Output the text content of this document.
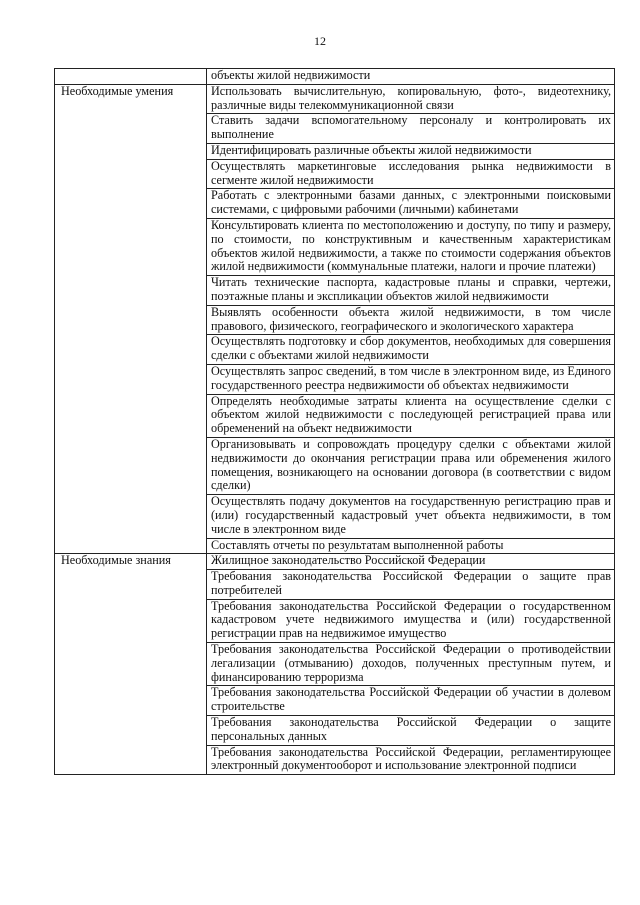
12
	объекты жилой недвижимости
Необходимые умения	Использовать вычислительную, копировальную, фото-, видеотехнику, различные виды телекоммуникационной связи
	Ставить задачи вспомогательному персоналу и контролировать их выполнение
	Идентифицировать различные объекты жилой недвижимости
	Осуществлять маркетинговые исследования рынка недвижимости в сегменте жилой недвижимости
	Работать с электронными базами данных, с электронными поисковыми системами, с цифровыми рабочими (личными) кабинетами
	Консультировать клиента по местоположению и доступу, по типу и размеру, по стоимости, по конструктивным и качественным характеристикам объектов жилой недвижимости, а также по стоимости содержания объектов жилой недвижимости (коммунальные платежи, налоги и прочие платежи)
	Читать технические паспорта, кадастровые планы и справки, чертежи, поэтажные планы и экспликации объектов жилой недвижимости
	Выявлять особенности объекта жилой недвижимости, в том числе правового, физического, географического и экологического характера
	Осуществлять подготовку и сбор документов, необходимых для совершения сделки с объектами жилой недвижимости
	Осуществлять запрос сведений, в том числе в электронном виде, из Единого государственного реестра недвижимости об объектах недвижимости
	Определять необходимые затраты клиента на осуществление сделки с объектом жилой недвижимости с последующей регистрацией права или обременений на объект недвижимости
	Организовывать и сопровождать процедуру сделки с объектами жилой недвижимости до окончания регистрации права или обременения жилого помещения, возникающего на основании договора (в соответствии с видом сделки)
	Осуществлять подачу документов на государственную регистрацию прав и (или) государственный кадастровый учет объекта недвижимости, в том числе в электронном виде
	Составлять отчеты по результатам выполненной работы
Необходимые знания	Жилищное законодательство Российской Федерации
	Требования законодательства Российской Федерации о защите прав потребителей
	Требования законодательства Российской Федерации о государственном кадастровом учете недвижимого имущества и (или) государственной регистрации прав на недвижимое имущество
	Требования законодательства Российской Федерации о противодействии легализации (отмыванию) доходов, полученных преступным путем, и финансированию терроризма
	Требования законодательства Российской Федерации об участии в долевом строительстве
	Требования законодательства Российской Федерации о защите персональных данных
	Требования законодательства Российской Федерации, регламентирующее электронный документооборот и использование электронной подписи
